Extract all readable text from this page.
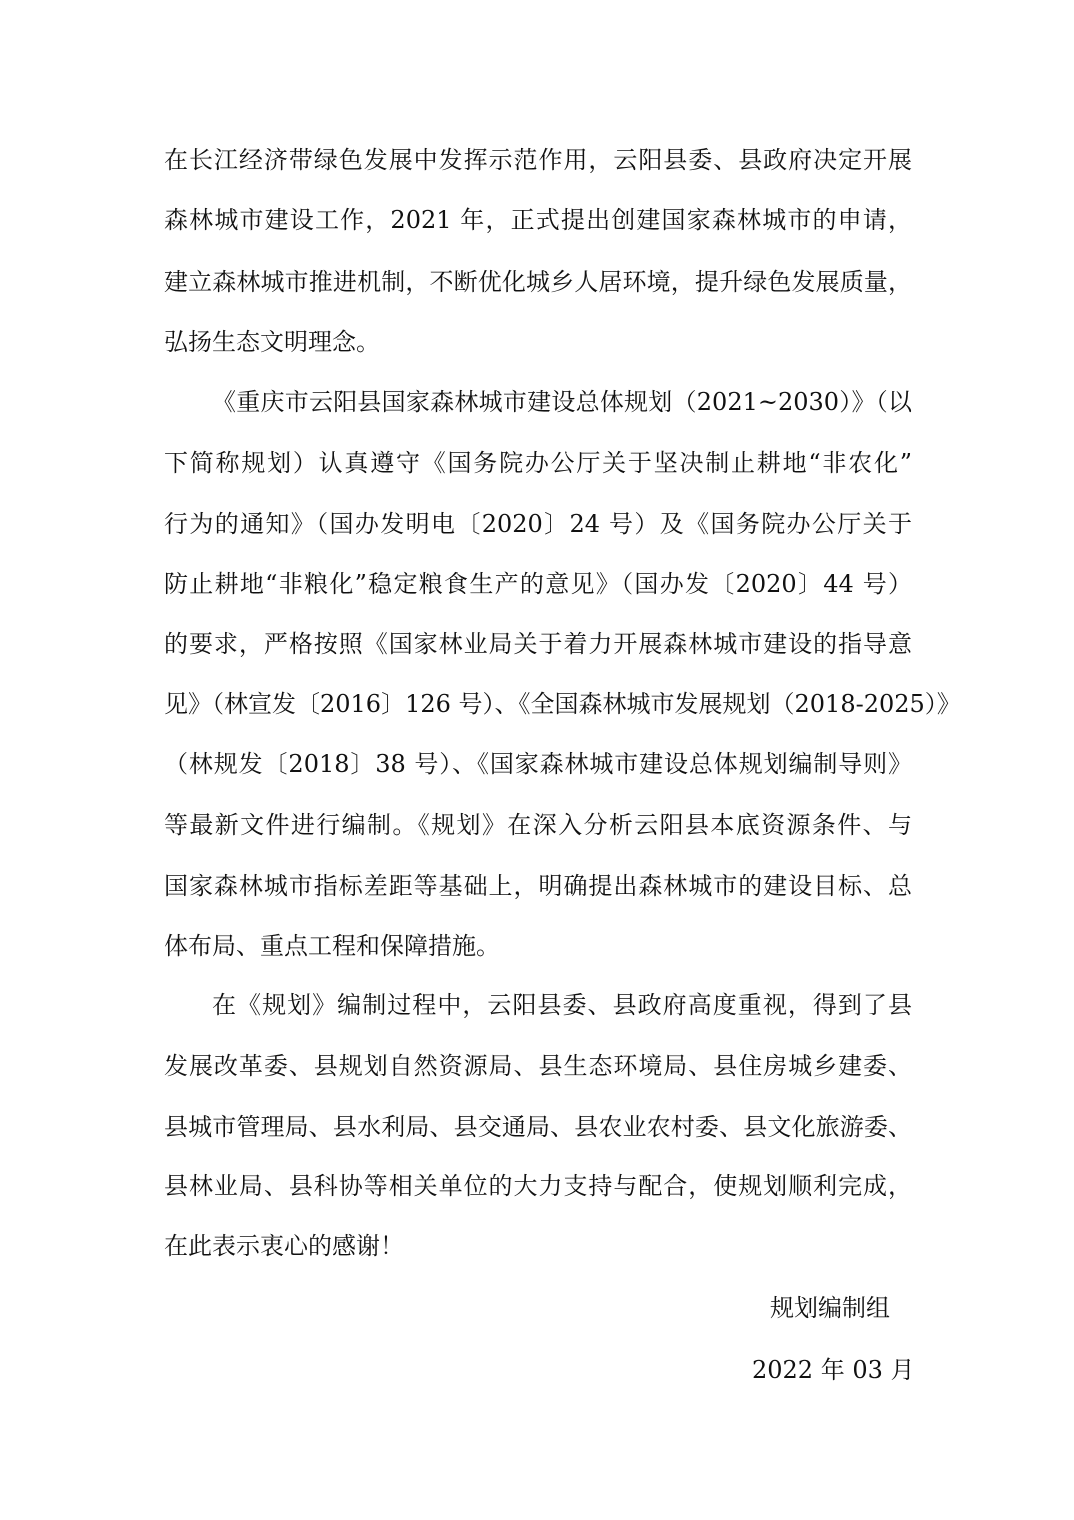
在长江经济带绿色发展中发挥示范作用，云阳县委、县政府决定开展

森林城市建设工作，2021 年，正式提出创建国家森林城市的申请，

建立森林城市推进机制，不断优化城乡人居环境，提升绿色发展质量，

弘扬生态文明理念。

《重庆市云阳县国家森林城市建设总体规划（2021~2030）》（以

下简称规划）认真遵守《国务院办公厅关于坚决制止耕地“非农化”

行为的通知》（国办发明电〔2020〕24 号）及《国务院办公厅关于

防止耕地“非粮化”稳定粮食生产的意见》（国办发〔2020〕44 号）

的要求，严格按照《国家林业局关于着力开展森林城市建设的指导意

见》（林宣发〔2016〕126 号）、《全国森林城市发展规划（2018-2025）》

（林规发〔2018〕38 号）、《国家森林城市建设总体规划编制导则》

等最新文件进行编制。《规划》在深入分析云阳县本底资源条件、与

国家森林城市指标差距等基础上，明确提出森林城市的建设目标、总

体布局、重点工程和保障措施。

在《规划》编制过程中，云阳县委、县政府高度重视，得到了县

发展改革委、县规划自然资源局、县生态环境局、县住房城乡建委、

县城市管理局、县水利局、县交通局、县农业农村委、县文化旅游委、

县林业局、县科协等相关单位的大力支持与配合，使规划顺利完成，

在此表示衷心的感谢！

规划编制组

2022 年 03 月
